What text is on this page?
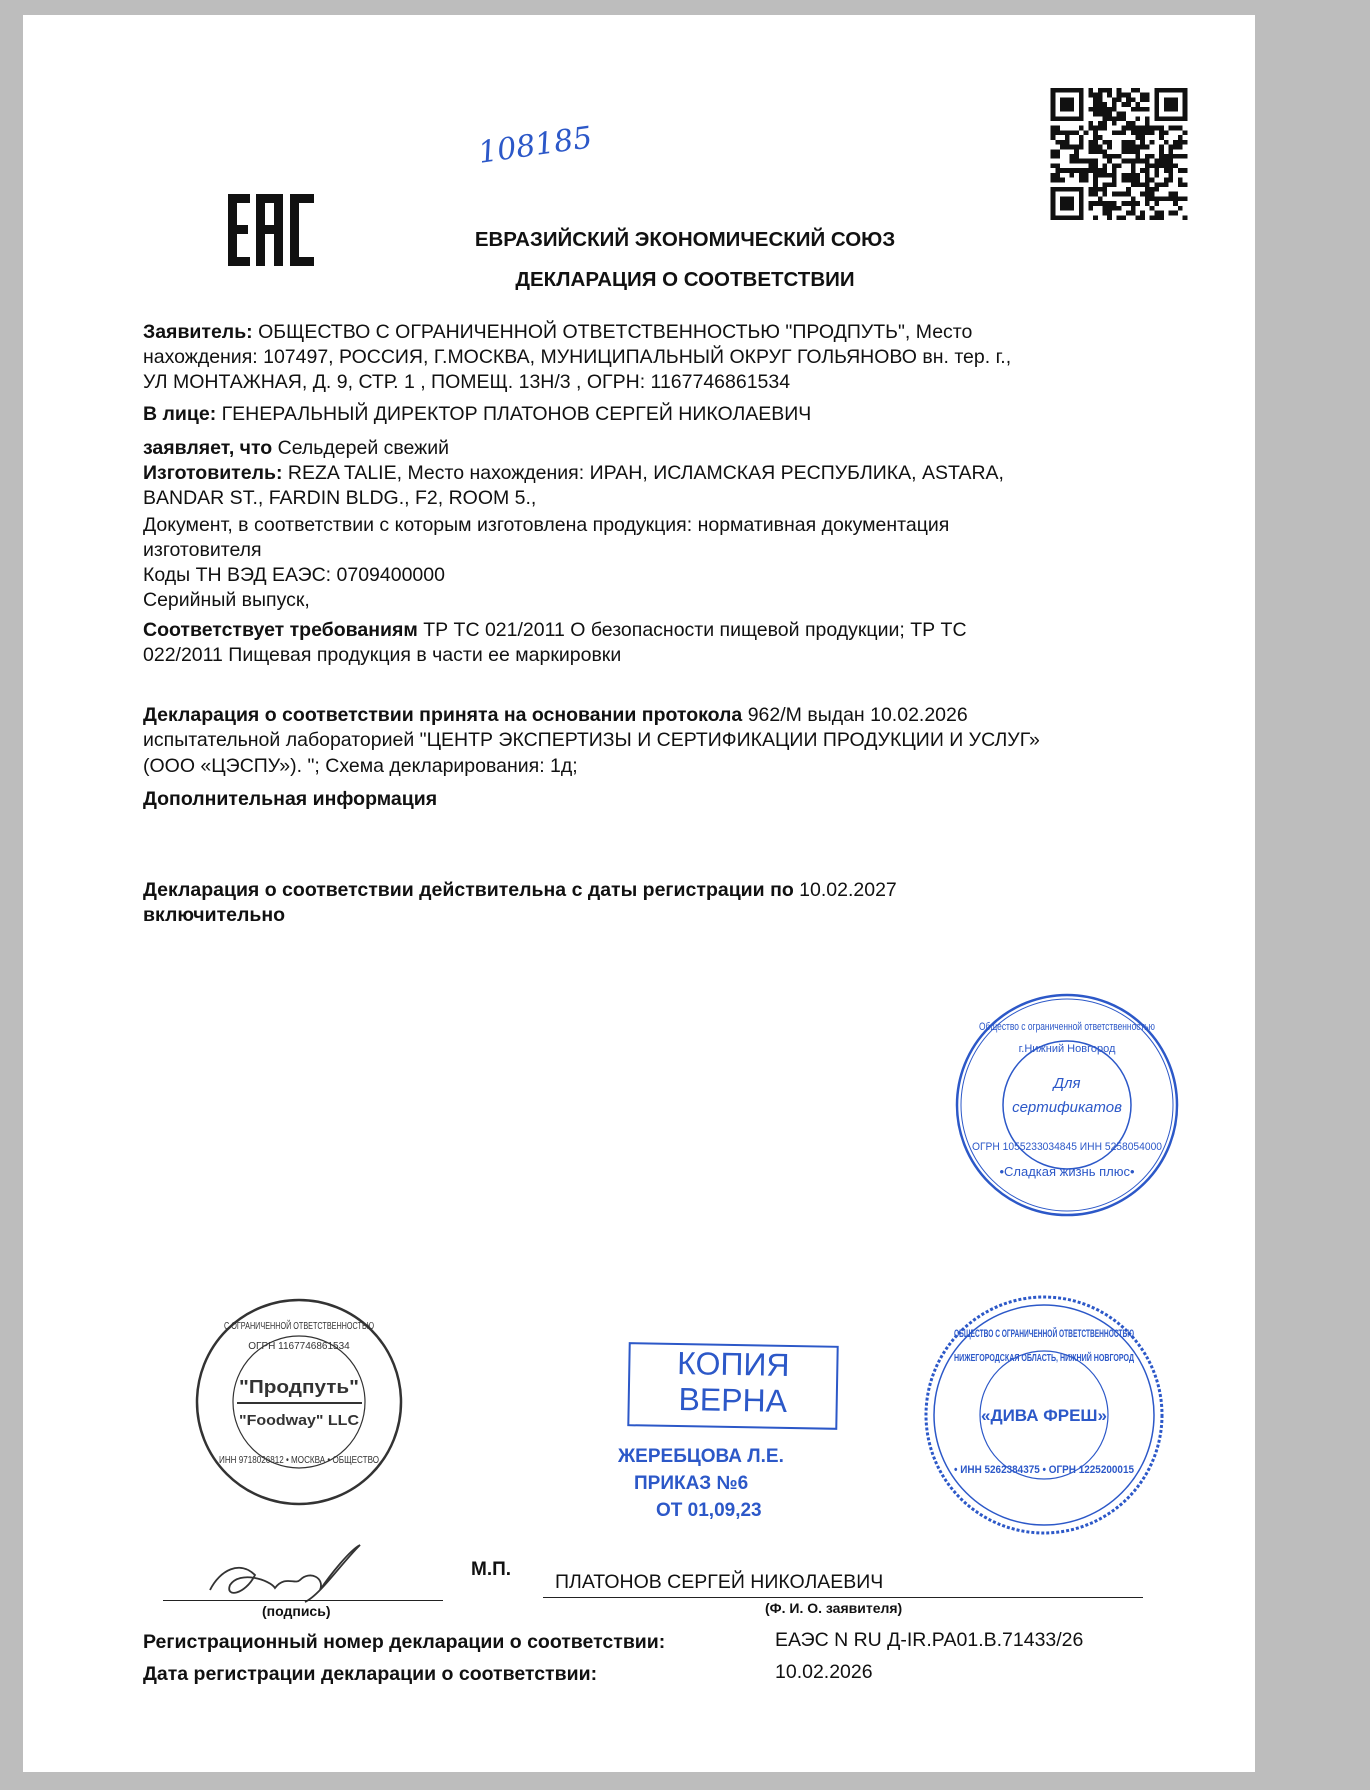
108185
ЕВРАЗИЙСКИЙ ЭКОНОМИЧЕСКИЙ СОЮЗ
ДЕКЛАРАЦИЯ О СООТВЕТСТВИИ
Заявитель: ОБЩЕСТВО С ОГРАНИЧЕННОЙ ОТВЕТСТВЕННОСТЬЮ "ПРОДПУТЬ", Место
нахождения: 107497, РОССИЯ, Г.МОСКВА, МУНИЦИПАЛЬНЫЙ ОКРУГ ГОЛЬЯНОВО вн. тер. г.,
УЛ МОНТАЖНАЯ, Д. 9, СТР. 1 , ПОМЕЩ. 13Н/3 , ОГРН: 1167746861534
В лице: ГЕНЕРАЛЬНЫЙ ДИРЕКТОР ПЛАТОНОВ СЕРГЕЙ НИКОЛАЕВИЧ
заявляет, что Сельдерей свежий
Изготовитель: REZA TALIE, Место нахождения: ИРАН, ИСЛАМСКАЯ РЕСПУБЛИКА, ASTARA,
BANDAR ST., FARDIN BLDG., F2, ROOM 5.,
Документ, в соответствии с которым изготовлена продукция: нормативная документация
изготовителя
Коды ТН ВЭД ЕАЭС: 0709400000
Серийный выпуск,
Соответствует требованиям ТР ТС 021/2011 О безопасности пищевой продукции; ТР ТС
022/2011 Пищевая продукция в части ее маркировки
Декларация о соответствии принята на основании протокола 962/М выдан 10.02.2026
испытательной лабораторией "ЦЕНТР ЭКСПЕРТИЗЫ И СЕРТИФИКАЦИИ ПРОДУКЦИИ И УСЛУГ»
(ООО «ЦЭСПУ»). "; Схема декларирования: 1д;
Дополнительная информация
Декларация о соответствии действительна с даты регистрации по 10.02.2027
включительно
Общество с ограниченной ответственностью
г.Нижний Новгород
Для
сертификатов
ОГРН 1055233034845 ИНН 5258054000
•Сладкая жизнь плюс•
С ОГРАНИЧЕННОЙ ОТВЕТСТВЕННОСТЬЮ
ОГРН 1167746861534
"Продпуть"
"Foodway" LLC
ИНН 9718026812 • МОСКВА • ОБЩЕСТВО
КОПИЯ
ВЕРНА
ЖЕРЕБЦОВА Л.Е.
ПРИКАЗ №6
ОТ 01,09,23
ОБЩЕСТВО С ОГРАНИЧЕННОЙ ОТВЕТСТВЕННОСТЬЮ
НИЖЕГОРОДСКАЯ ОБЛАСТЬ, НИЖНИЙ НОВГОРОД
«ДИВА ФРЕШ»
• ИНН 5262384375 • ОГРН 1225200015
(подпись)
М.П.
ПЛАТОНОВ СЕРГЕЙ НИКОЛАЕВИЧ
(Ф. И. О. заявителя)
Регистрационный номер декларации о соответствии:	ЕАЭС N RU Д-IR.РА01.В.71433/26
Дата регистрации декларации о соответствии:	10.02.2026
